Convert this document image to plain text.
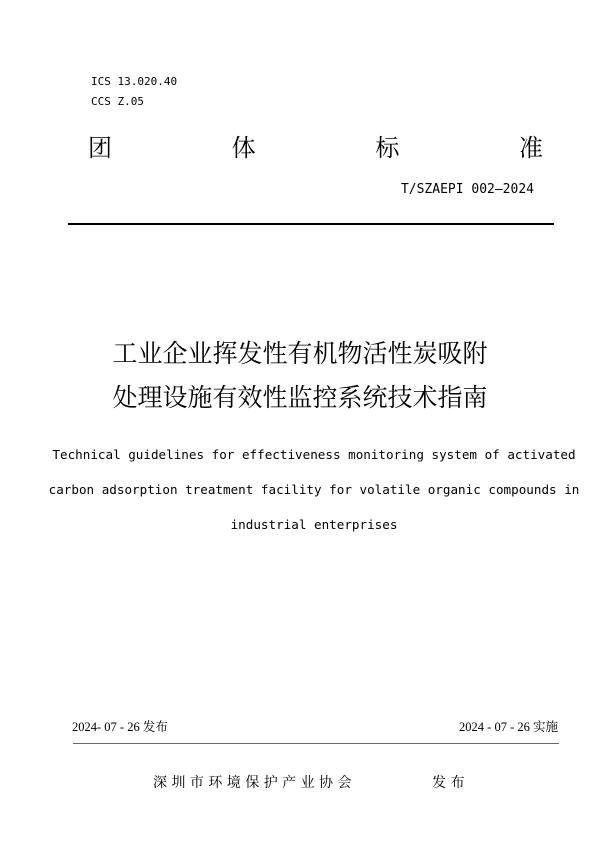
ICS 13.020.40
CCS Z.05
团	体	标	准
T/SZAEPI 002—2024
工业企业挥发性有机物活性炭吸附
处理设施有效性监控系统技术指南
Technical guidelines for effectiveness monitoring system of activated
carbon adsorption treatment facility for volatile organic compounds in
industrial enterprises
2024- 07 - 26 发布	2024 - 07 - 26 实施
深 圳 市 环 境 保 护 产 业 协 会	发 布
